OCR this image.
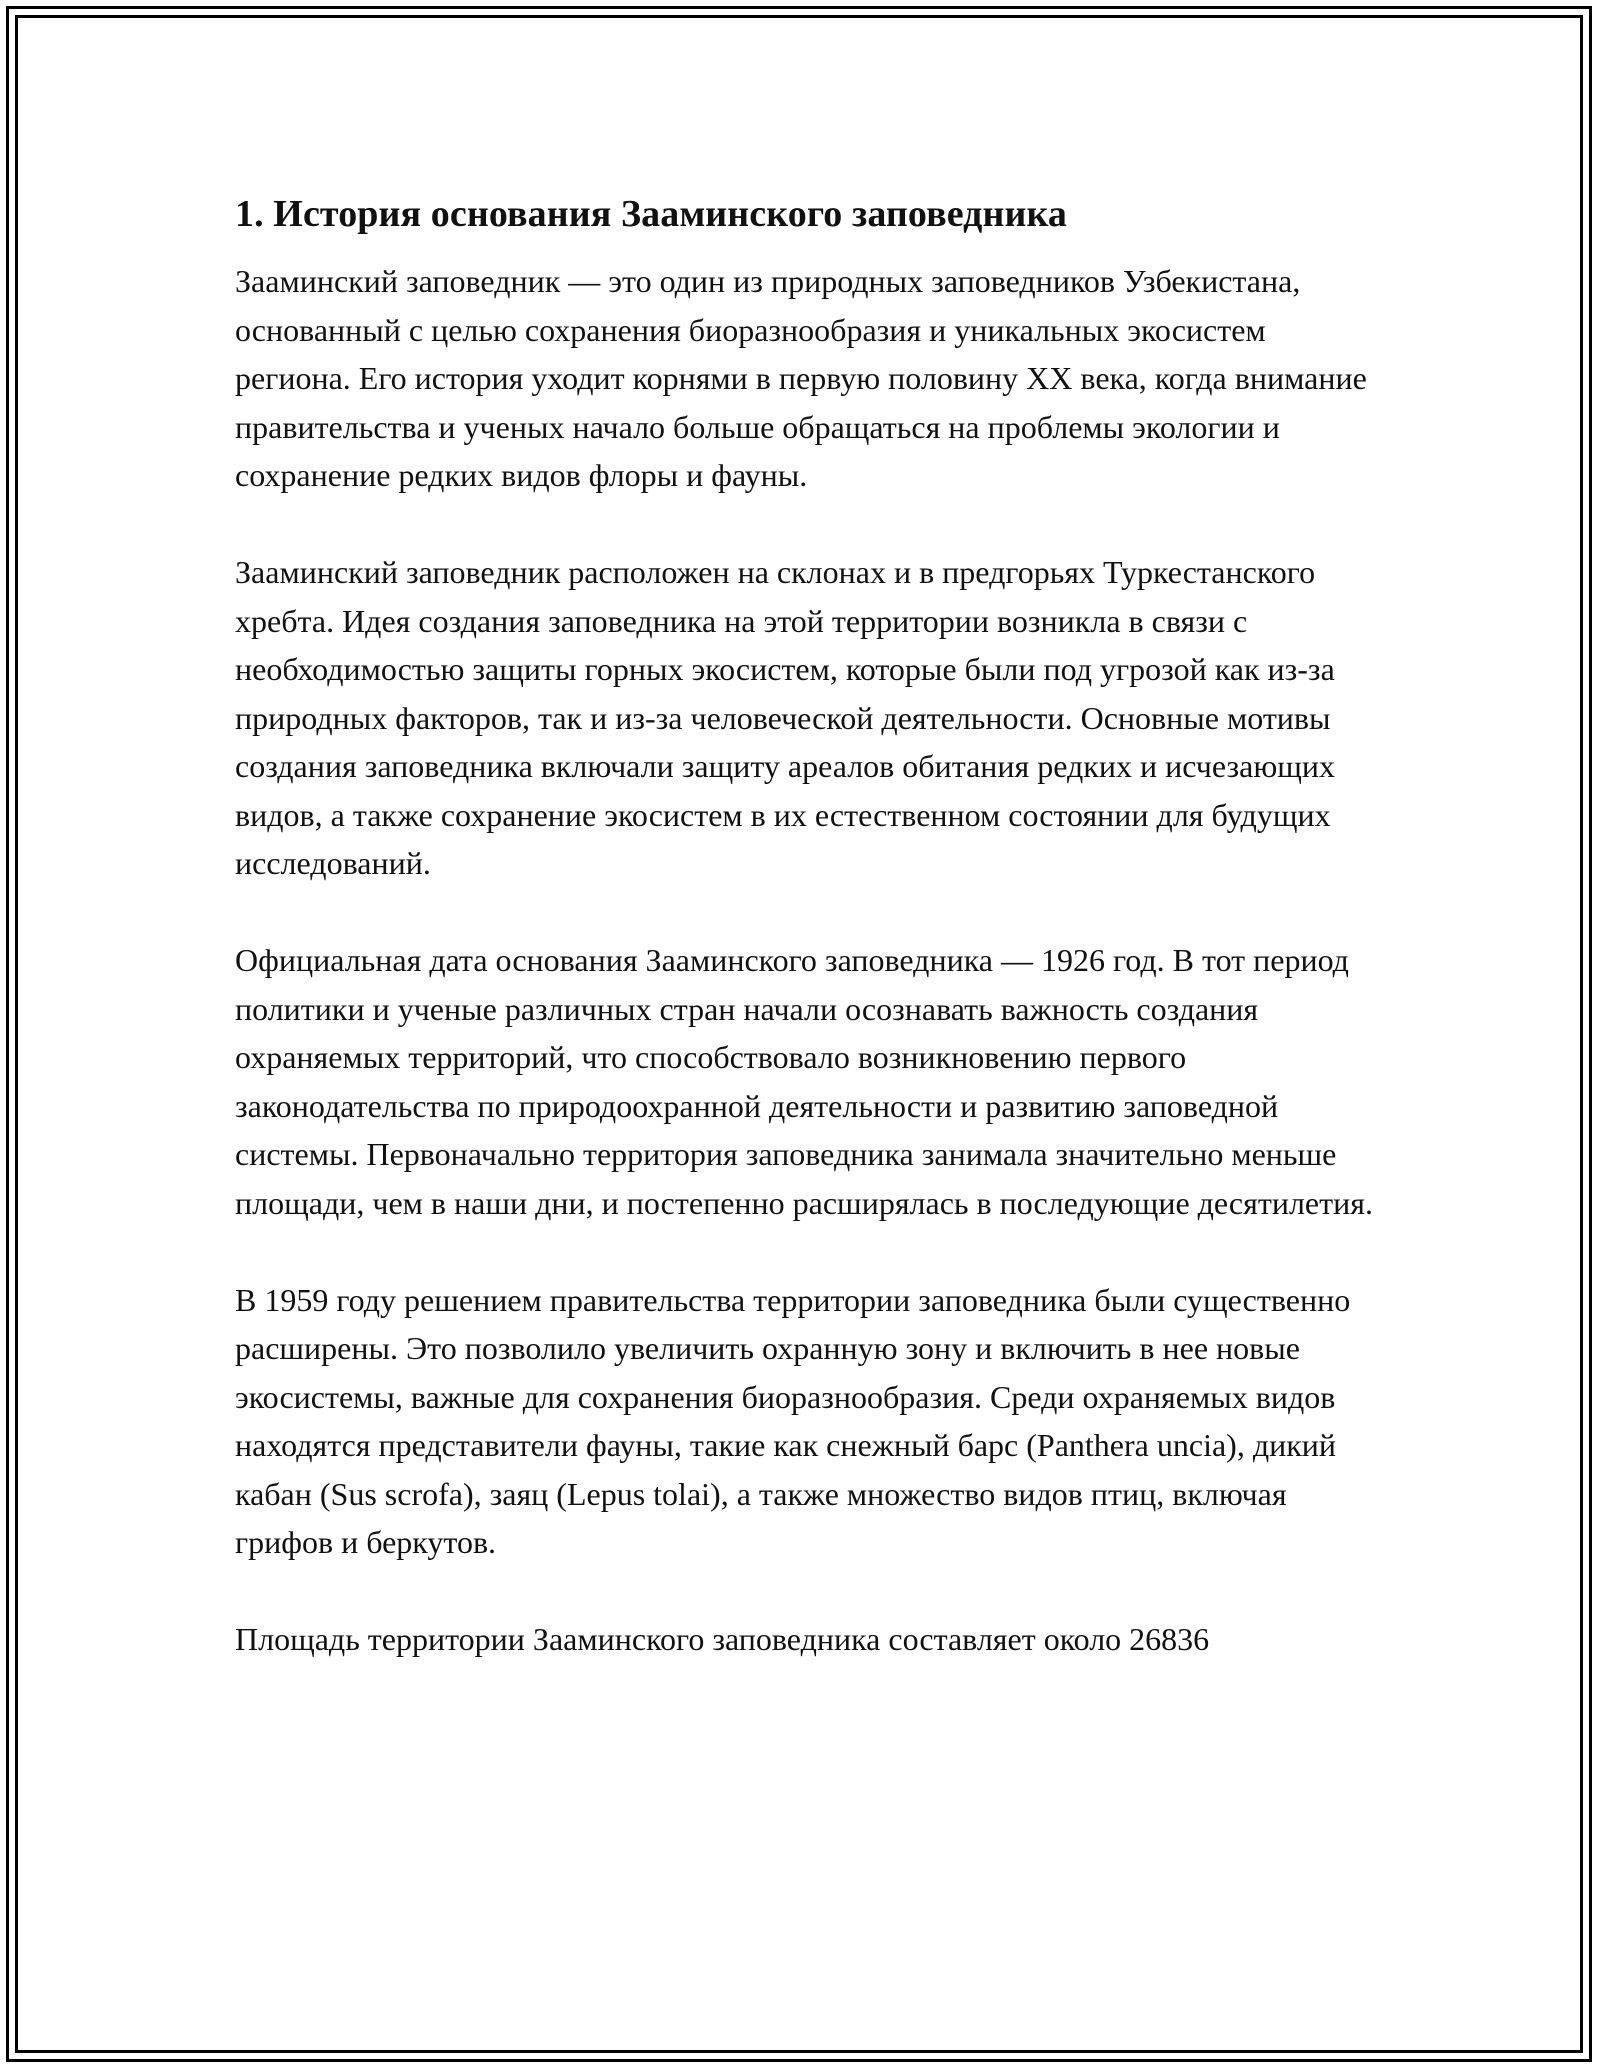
1. История основания Зааминского заповедника

Зааминский заповедник — это один из природных заповедников Узбекистана, основанный с целью сохранения биоразнообразия и уникальных экосистем региона. Его история уходит корнями в первую половину XX века, когда внимание правительства и ученых начало больше обращаться на проблемы экологии и сохранение редких видов флоры и фауны.

Зааминский заповедник расположен на склонах и в предгорьях Туркестанского хребта. Идея создания заповедника на этой территории возникла в связи с необходимостью защиты горных экосистем, которые были под угрозой как из-за природных факторов, так и из-за человеческой деятельности. Основные мотивы создания заповедника включали защиту ареалов обитания редких и исчезающих видов, а также сохранение экосистем в их естественном состоянии для будущих исследований.

Официальная дата основания Зааминского заповедника — 1926 год. В тот период политики и ученые различных стран начали осознавать важность создания охраняемых территорий, что способствовало возникновению первого законодательства по природоохранной деятельности и развитию заповедной системы. Первоначально территория заповедника занимала значительно меньше площади, чем в наши дни, и постепенно расширялась в последующие десятилетия.

В 1959 году решением правительства территории заповедника были существенно расширены. Это позволило увеличить охранную зону и включить в нее новые экосистемы, важные для сохранения биоразнообразия. Среди охраняемых видов находятся представители фауны, такие как снежный барс (Panthera uncia), дикий кабан (Sus scrofa), заяц (Lepus tolai), а также множество видов птиц, включая грифов и беркутов.

Площадь территории Зааминского заповедника составляет около 26836
